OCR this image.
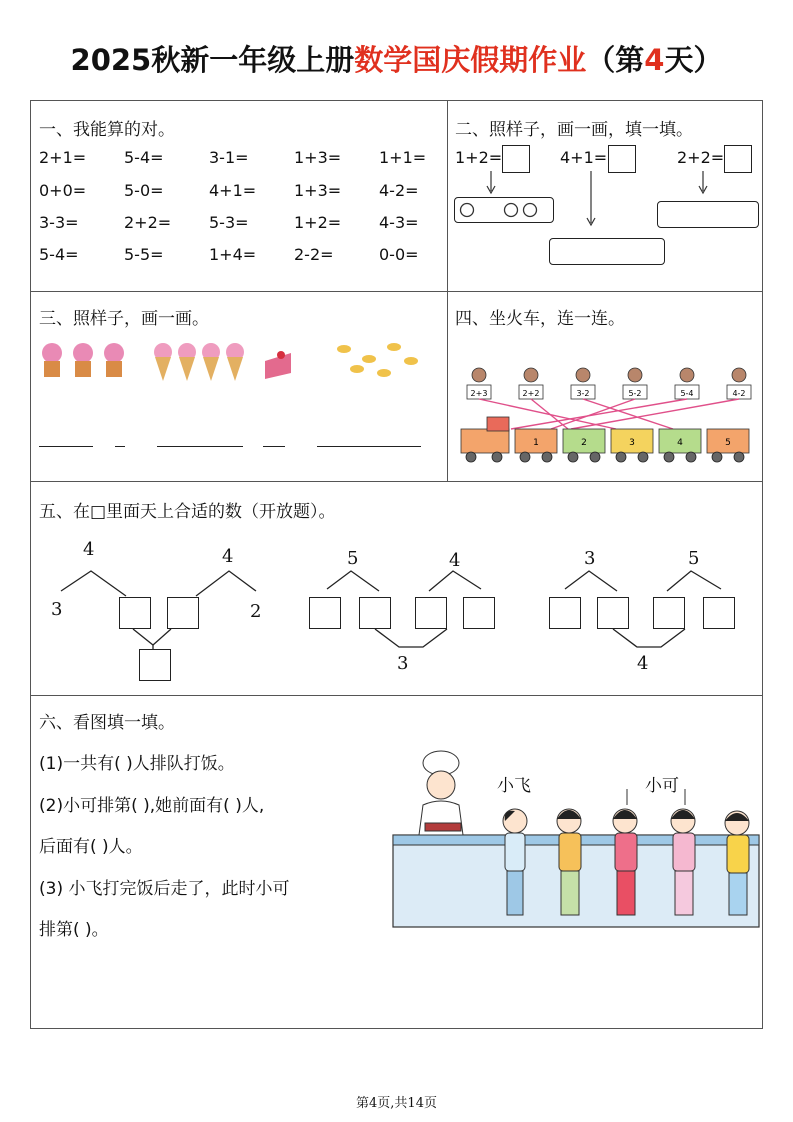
2025秋新一年级上册数学国庆假期作业（第4天）
一、我能算的对。
2+1= 5-4=	3-1=	1+3= 1+1=
0+0= 5-0=	4+1= 1+3= 4-2=
3-3=	2+2= 5-3=	1+2= 4-3=
5-4=	5-5=	1+4= 2-2=	0-0=
二、照样子，画一画，填一填。
1+2=	4+1=	2+2=
三、照样子，画一画。	四、坐火车，连一连。
2+3	2+2	3-2	5-2	5-4	4-2
1	2	3	4	5
五、在□里面天上合适的数（开放题）。
4	4
3	2
5	4
3
3	5
4
六、看图填一填。
(1)一共有( )人排队打饭。
(2)小可排第( ),她前面有( )人,
后面有( )人。
(3) 小飞打完饭后走了，此时小可
排第( )。
小飞	小可
第4页,共14页
